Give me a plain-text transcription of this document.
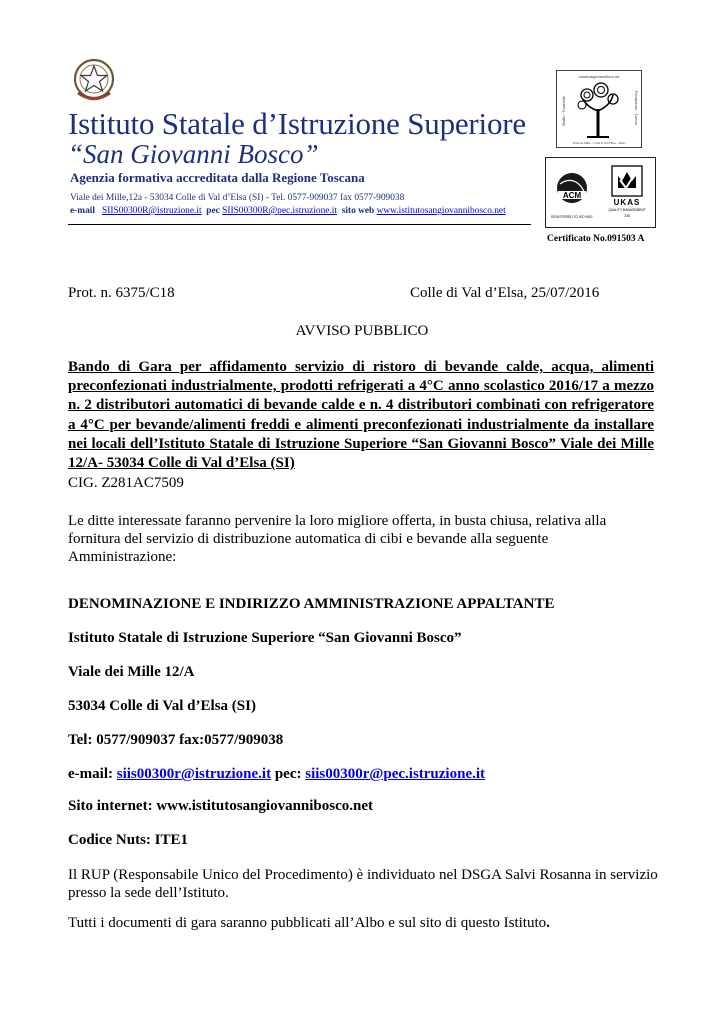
istitutosangiovannibosco.net
Studio · Creatività	Formazione · Lavoro
Viale dei Mille – Colle di Val d'Elsa – Siena
ACM
REGISTERED TO ISO 9001
UKAS
QUALITY MANAGEMENT
245
Istituto Statale d’Istruzione Superiore
“San Giovanni Bosco”
Agenzia formativa accreditata dalla Regione Toscana
Viale dei Mille,12a - 53034 Colle di Val d’Elsa (SI) - Tel. 0577-909037 fax 0577-909038
e-mail SIIS00300R@istruzione.it pec SIIS00300R@pec.istruzione.it sito web www.istitutosangiovannibosco.net
Certificato No.091503 A
Prot. n. 6375/C18	Colle di Val d’Elsa, 25/07/2016
AVVISO PUBBLICO
Bando di Gara per affidamento servizio di ristoro di bevande calde, acqua, alimenti preconfezionati industrialmente, prodotti refrigerati a 4°C anno scolastico 2016/17 a mezzo n. 2 distributori automatici di bevande calde e n. 4 distributori combinati con refrigeratore a 4°C per bevande/alimenti freddi e alimenti preconfezionati industrialmente da installare nei locali dell’Istituto Statale di Istruzione Superiore “San Giovanni Bosco” Viale dei Mille 12/A- 53034 Colle di Val d’Elsa (SI)
CIG. Z281AC7509
Le ditte interessate faranno pervenire la loro migliore offerta, in busta chiusa, relativa alla fornitura del servizio di distribuzione automatica di cibi e bevande alla seguente Amministrazione:
DENOMINAZIONE E INDIRIZZO AMMINISTRAZIONE APPALTANTE
Istituto Statale di Istruzione Superiore “San Giovanni Bosco”
Viale dei Mille 12/A
53034 Colle di Val d’Elsa (SI)
Tel: 0577/909037 fax:0577/909038
e-mail: siis00300r@istruzione.it pec: siis00300r@pec.istruzione.it
Sito internet: www.istitutosangiovannibosco.net
Codice Nuts: ITE1
Il RUP (Responsabile Unico del Procedimento) è individuato nel DSGA Salvi Rosanna in servizio presso la sede dell’Istituto.
Tutti i documenti di gara saranno pubblicati all’Albo e sul sito di questo Istituto.
